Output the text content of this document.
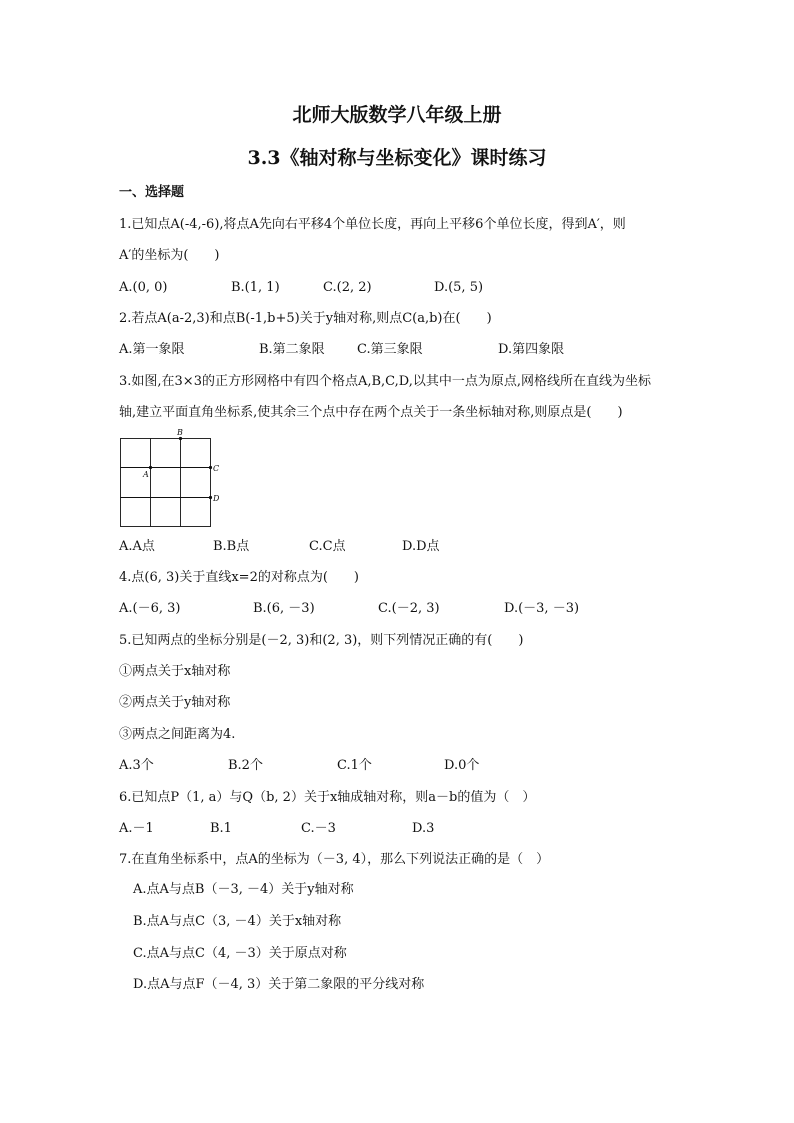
北师大版数学八年级上册
3.3《轴对称与坐标变化》课时练习
一、选择题
1.已知点A(-4,-6),将点A先向右平移4个单位长度，再向上平移6个单位长度，得到A′，则
A′的坐标为(　　)
A.(0, 0)	B.(1, 1)	C.(2, 2)	D.(5, 5)
2.若点A(a-2,3)和点B(-1,b+5)关于y轴对称,则点C(a,b)在(　　)
A.第一象限	B.第二象限 C.第三象限	D.第四象限
3.如图,在3×3的正方形网格中有四个格点A,B,C,D,以其中一点为原点,网格线所在直线为坐标
轴,建立平面直角坐标系,使其余三个点中存在两个点关于一条坐标轴对称,则原点是(　　)
B
A
C
D
A.A点	B.B点	C.C点	D.D点
4.点(6, 3)关于直线x=2的对称点为(　　)
A.(－6, 3)	B.(6, －3)	C.(－2, 3)	D.(－3, －3)
5.已知两点的坐标分别是(－2, 3)和(2, 3)，则下列情况正确的有(　　)
①两点关于x轴对称
②两点关于y轴对称
③两点之间距离为4.
A.3个	B.2个	C.1个	D.0个
6.已知点P（1, a）与Q（b, 2）关于x轴成轴对称，则a－b的值为（　）
A.－1	B.1	C.－3	D.3
7.在直角坐标系中，点A的坐标为（－3, 4），那么下列说法正确的是（　）
A.点A与点B（－3, －4）关于y轴对称
B.点A与点C（3, －4）关于x轴对称
C.点A与点C（4, －3）关于原点对称
D.点A与点F（－4, 3）关于第二象限的平分线对称
